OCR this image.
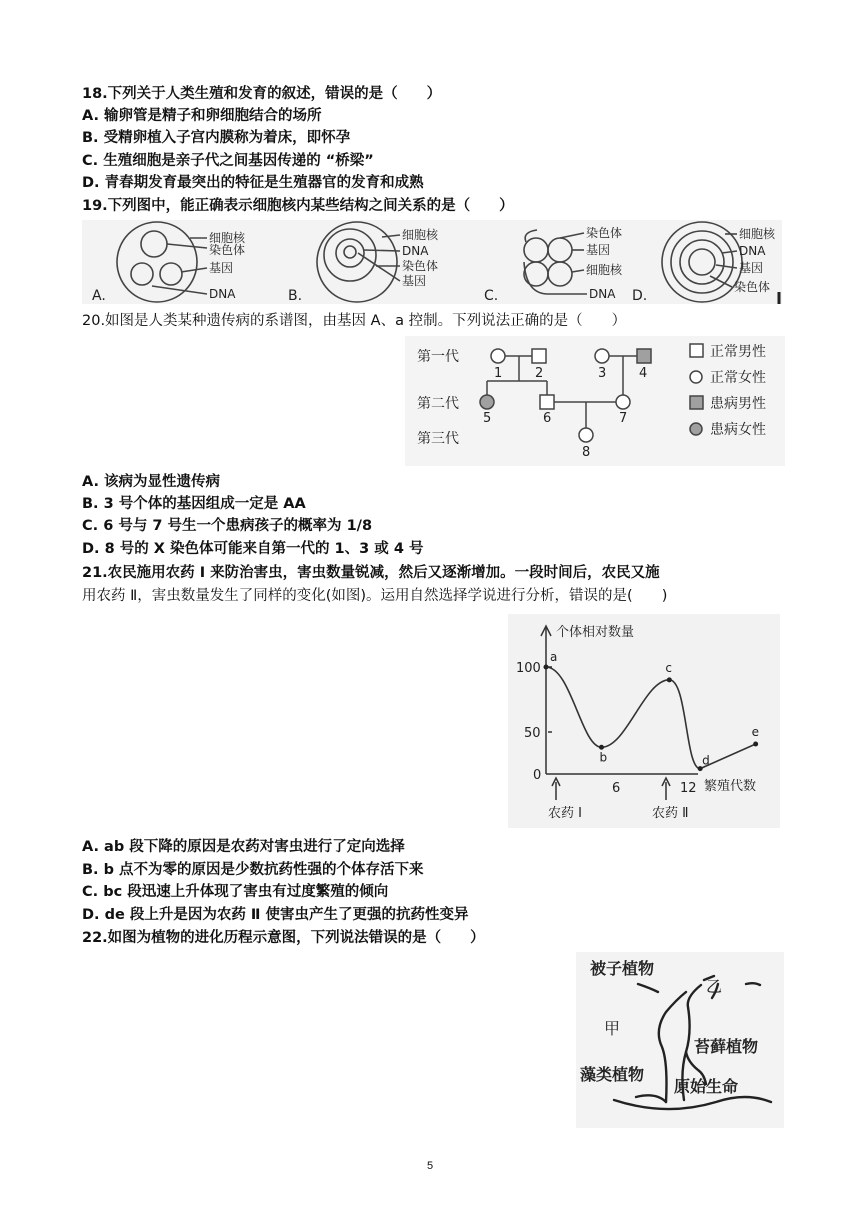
18.下列关于人类生殖和发育的叙述，错误的是（　　）
A. 输卵管是精子和卵细胞结合的场所
B. 受精卵植入子宫内膜称为着床，即怀孕
C. 生殖细胞是亲子代之间基因传递的 “桥梁”
D. 青春期发育最突出的特征是生殖器官的发育和成熟
19.下列图中，能正确表示细胞核内某些结构之间关系的是（　　）
细胞核
染色体
基因
DNA
A.
细胞核
DNA
染色体
基因
B.
染色体
基因
细胞核
DNA
C.
细胞核
DNA
基因
染色体
D.
20.如图是人类某种遗传病的系谱图，由基因 A、a 控制。下列说法正确的是（　　）
第一代
第二代
第三代
1	2	3	4
5	6	7
8
正常男性
正常女性
患病男性
患病女性
A. 该病为显性遗传病
B. 3 号个体的基因组成一定是 AA
C. 6 号与 7 号生一个患病孩子的概率为 1/8
D. 8 号的 X 染色体可能来自第一代的 1、3 或 4 号
21.农民施用农药 Ⅰ 来防治害虫，害虫数量锐减，然后又逐渐增加。一段时间后，农民又施
用农药 Ⅱ，害虫数量发生了同样的变化(如图)。运用自然选择学说进行分析，错误的是(　　)
a
b
c
d
e
个体相对数量
繁殖代数
0
50
100
6	12
农药 Ⅰ	农药 Ⅱ
A. ab 段下降的原因是农药对害虫进行了定向选择
B. b 点不为零的原因是少数抗药性强的个体存活下来
C. bc 段迅速上升体现了害虫有过度繁殖的倾向
D. de 段上升是因为农药 Ⅱ 使害虫产生了更强的抗药性变异
22.如图为植物的进化历程示意图，下列说法错误的是（　　）
被子植物
乙
甲
苔藓植物
藻类植物
原始生命
5
